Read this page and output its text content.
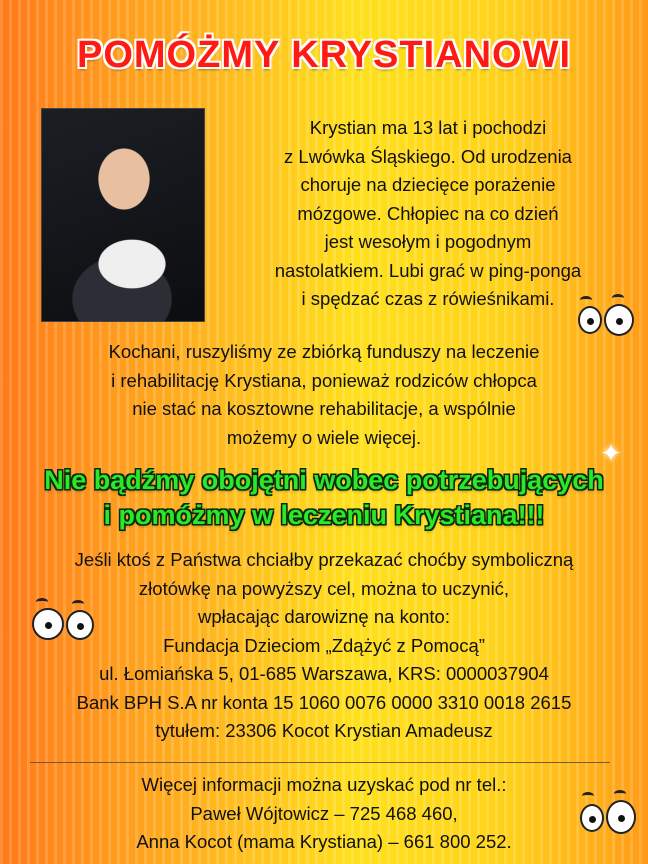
POMÓŻMY KRYSTIANOWI
Krystian ma 13 lat i pochodzi
z Lwówka Śląskiego. Od urodzenia
choruje na dziecięce porażenie
mózgowe. Chłopiec na co dzień
jest wesołym i pogodnym
nastolatkiem. Lubi grać w ping-ponga
i spędzać czas z rówieśnikami.
Kochani, ruszyliśmy ze zbiórką funduszy na leczenie
i rehabilitację Krystiana, ponieważ rodziców chłopca
nie stać na kosztowne rehabilitacje, a wspólnie
możemy o wiele więcej.
✦
Nie bądźmy obojętni wobec potrzebujących
i pomóżmy w leczeniu Krystiana!!!
Jeśli ktoś z Państwa chciałby przekazać choćby symboliczną
złotówkę na powyższy cel, można to uczynić,
wpłacając darowiznę na konto:
Fundacja Dzieciom „Zdążyć z Pomocą”
ul. Łomiańska 5, 01-685 Warszawa, KRS: 0000037904
Bank BPH S.A nr konta 15 1060 0076 0000 3310 0018 2615
tytułem: 23306 Kocot Krystian Amadeusz
Więcej informacji można uzyskać pod nr tel.:
Paweł Wójtowicz – 725 468 460,
Anna Kocot (mama Krystiana) – 661 800 252.
